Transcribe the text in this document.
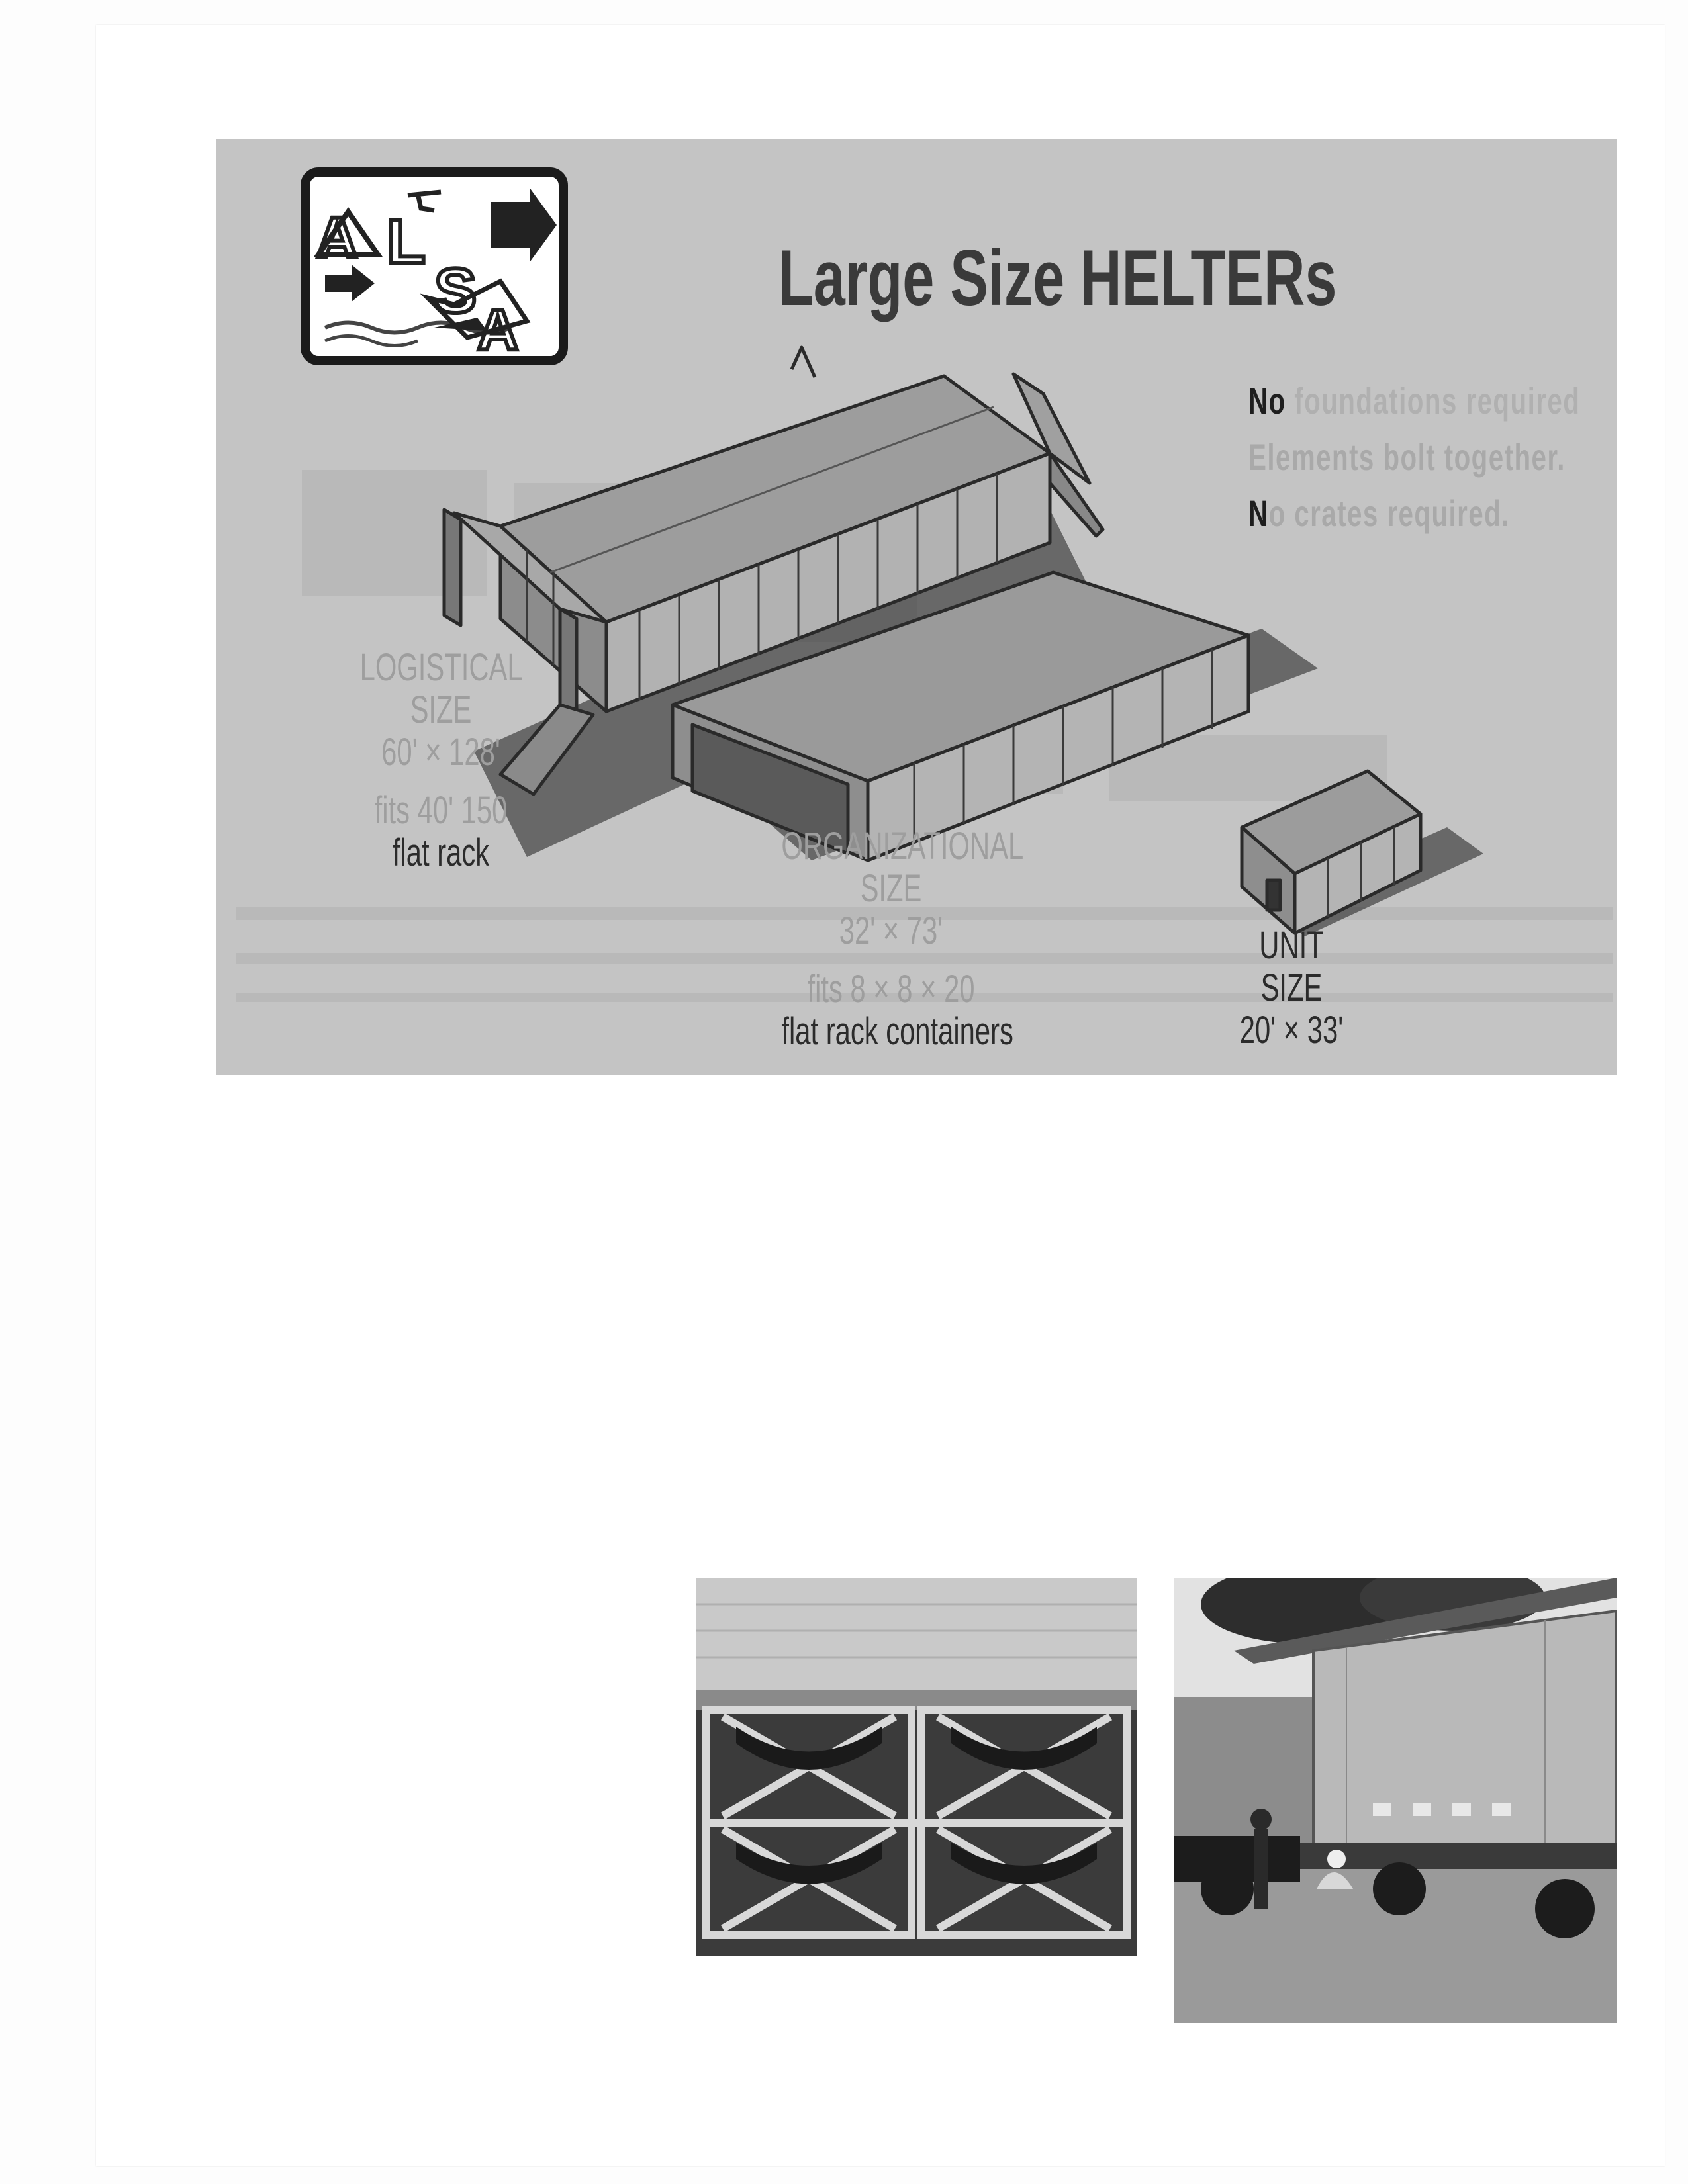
L
S
A
A
Large Size HELTERs
No foundations required
Elements bolt together.
No crates required.
LOGISTICAL
SIZE
60' × 128'
fits 40' 150
flat rack	ORGANIZATIONAL
SIZE
32' × 73'
fits 8 × 8 × 20
flat rack containers
UNIT
SIZE
20' × 33'
